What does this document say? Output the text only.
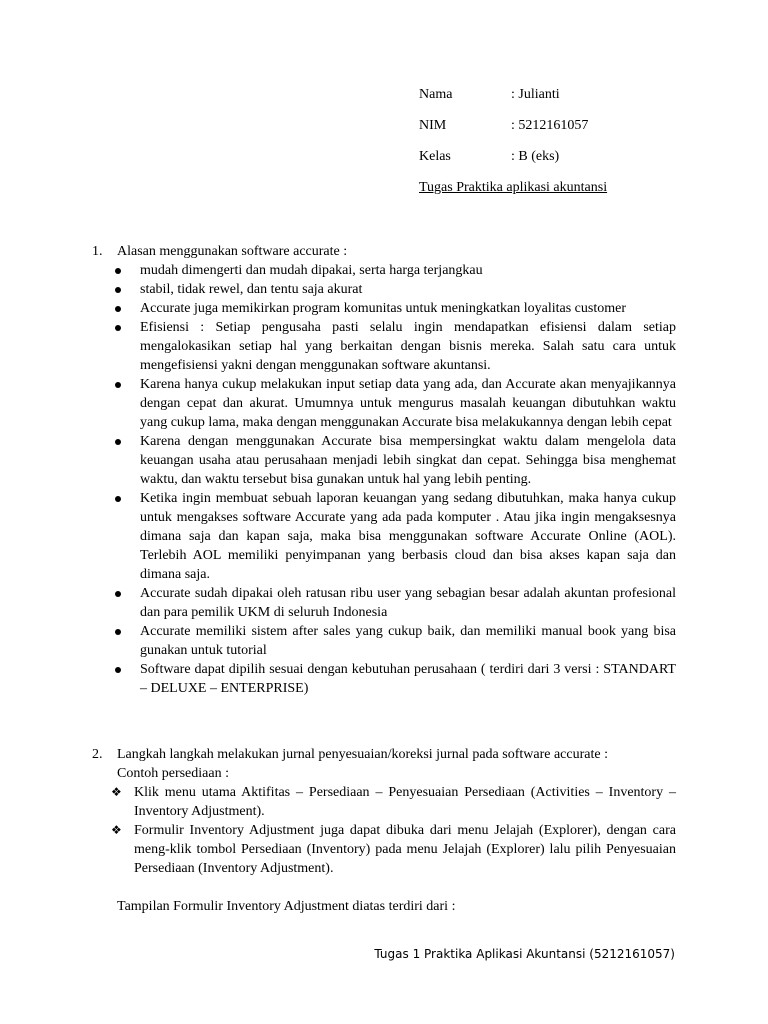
Nama	: Julianti
NIM	: 5212161057
Kelas	: B (eks)
Tugas Praktika aplikasi akuntansi
1.	Alasan menggunakan software accurate :
mudah dimengerti dan mudah dipakai, serta harga terjangkau
stabil, tidak rewel, dan tentu saja akurat
Accurate juga memikirkan program komunitas untuk meningkatkan loyalitas customer
Efisiensi : Setiap pengusaha pasti selalu ingin mendapatkan efisiensi dalam setiap mengalokasikan setiap hal yang berkaitan dengan bisnis mereka. Salah satu cara untuk mengefisiensi yakni dengan menggunakan software akuntansi.
Karena hanya cukup melakukan input setiap data yang ada, dan Accurate akan menyajikannya dengan cepat dan akurat. Umumnya untuk mengurus masalah keuangan dibutuhkan waktu yang cukup lama, maka dengan menggunakan Accurate bisa melakukannya dengan lebih cepat
Karena dengan menggunakan Accurate bisa mempersingkat waktu dalam mengelola data keuangan usaha atau perusahaan menjadi lebih singkat dan cepat. Sehingga bisa menghemat waktu, dan waktu tersebut bisa gunakan untuk hal yang lebih penting.
Ketika ingin membuat sebuah laporan keuangan yang sedang dibutuhkan, maka hanya cukup untuk mengakses software Accurate yang ada pada komputer . Atau jika ingin mengaksesnya dimana saja dan kapan saja, maka bisa menggunakan software Accurate Online (AOL). Terlebih AOL memiliki penyimpanan yang berbasis cloud dan bisa akses kapan saja dan dimana saja.
Accurate sudah dipakai oleh ratusan ribu user yang sebagian besar adalah akuntan profesional dan para pemilik UKM di seluruh Indonesia
Accurate memiliki sistem after sales yang cukup baik, dan memiliki manual book yang bisa gunakan untuk tutorial
Software dapat dipilih sesuai dengan kebutuhan perusahaan ( terdiri dari 3 versi : STANDART – DELUXE – ENTERPRISE)
2.	Langkah langkah melakukan jurnal penyesuaian/koreksi jurnal pada software accurate :
Contoh persediaan :
❖ Klik menu utama Aktifitas – Persediaan – Penyesuaian Persediaan (Activities – Inventory – Inventory Adjustment).
❖ Formulir Inventory Adjustment juga dapat dibuka dari menu Jelajah (Explorer), dengan cara meng-klik tombol Persediaan (Inventory) pada menu Jelajah (Explorer) lalu pilih Penyesuaian Persediaan (Inventory Adjustment).
Tampilan Formulir Inventory Adjustment diatas terdiri dari :
Tugas 1 Praktika Aplikasi Akuntansi (5212161057)
